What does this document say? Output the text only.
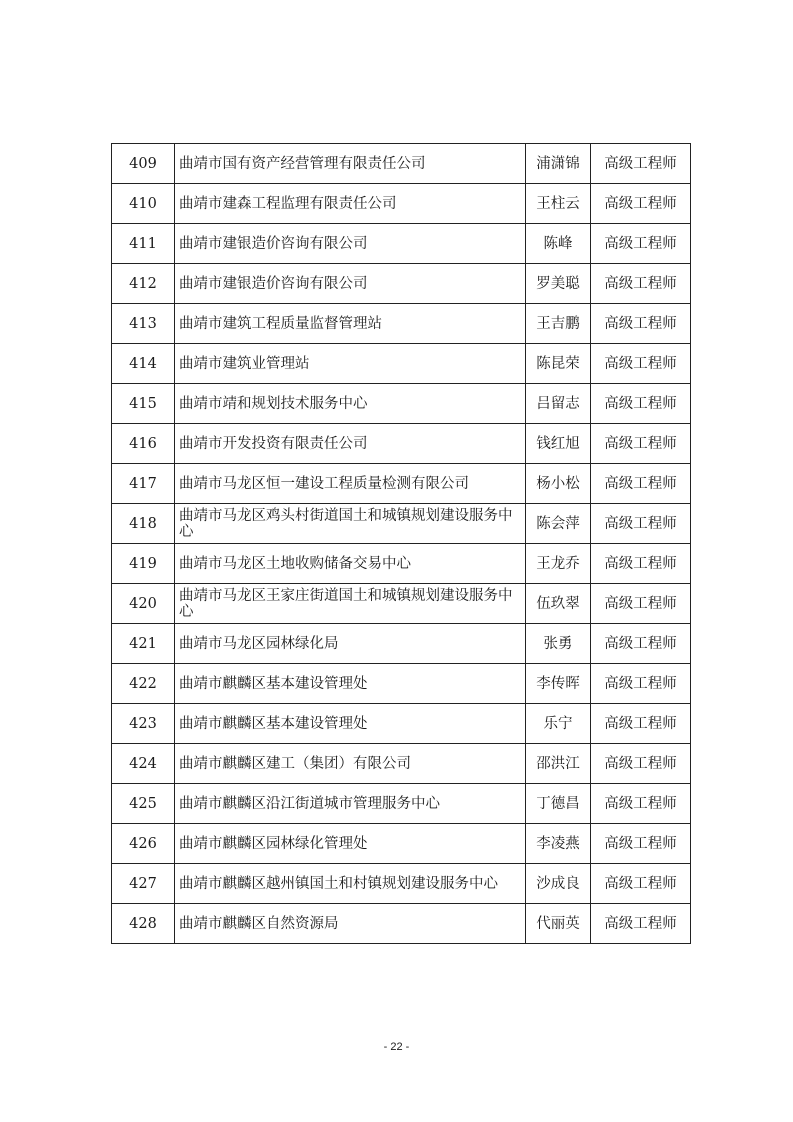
409	曲靖市国有资产经营管理有限责任公司	浦潇锦	高级工程师
410	曲靖市建森工程监理有限责任公司	王柱云	高级工程师
411	曲靖市建银造价咨询有限公司	陈峰	高级工程师
412	曲靖市建银造价咨询有限公司	罗美聪	高级工程师
413	曲靖市建筑工程质量监督管理站	王吉鹏	高级工程师
414	曲靖市建筑业管理站	陈昆荣	高级工程师
415	曲靖市靖和规划技术服务中心	吕留志	高级工程师
416	曲靖市开发投资有限责任公司	钱红旭	高级工程师
417	曲靖市马龙区恒一建设工程质量检测有限公司	杨小松	高级工程师
418	曲靖市马龙区鸡头村街道国土和城镇规划建设服务中心	陈会萍	高级工程师
419	曲靖市马龙区土地收购储备交易中心	王龙乔	高级工程师
420	曲靖市马龙区王家庄街道国土和城镇规划建设服务中心	伍玖翠	高级工程师
421	曲靖市马龙区园林绿化局	张勇	高级工程师
422	曲靖市麒麟区基本建设管理处	李传晖	高级工程师
423	曲靖市麒麟区基本建设管理处	乐宁	高级工程师
424	曲靖市麒麟区建工（集团）有限公司	邵洪江	高级工程师
425	曲靖市麒麟区沿江街道城市管理服务中心	丁德昌	高级工程师
426	曲靖市麒麟区园林绿化管理处	李凌燕	高级工程师
427	曲靖市麒麟区越州镇国土和村镇规划建设服务中心	沙成良	高级工程师
428	曲靖市麒麟区自然资源局	代丽英	高级工程师
- 22 -
